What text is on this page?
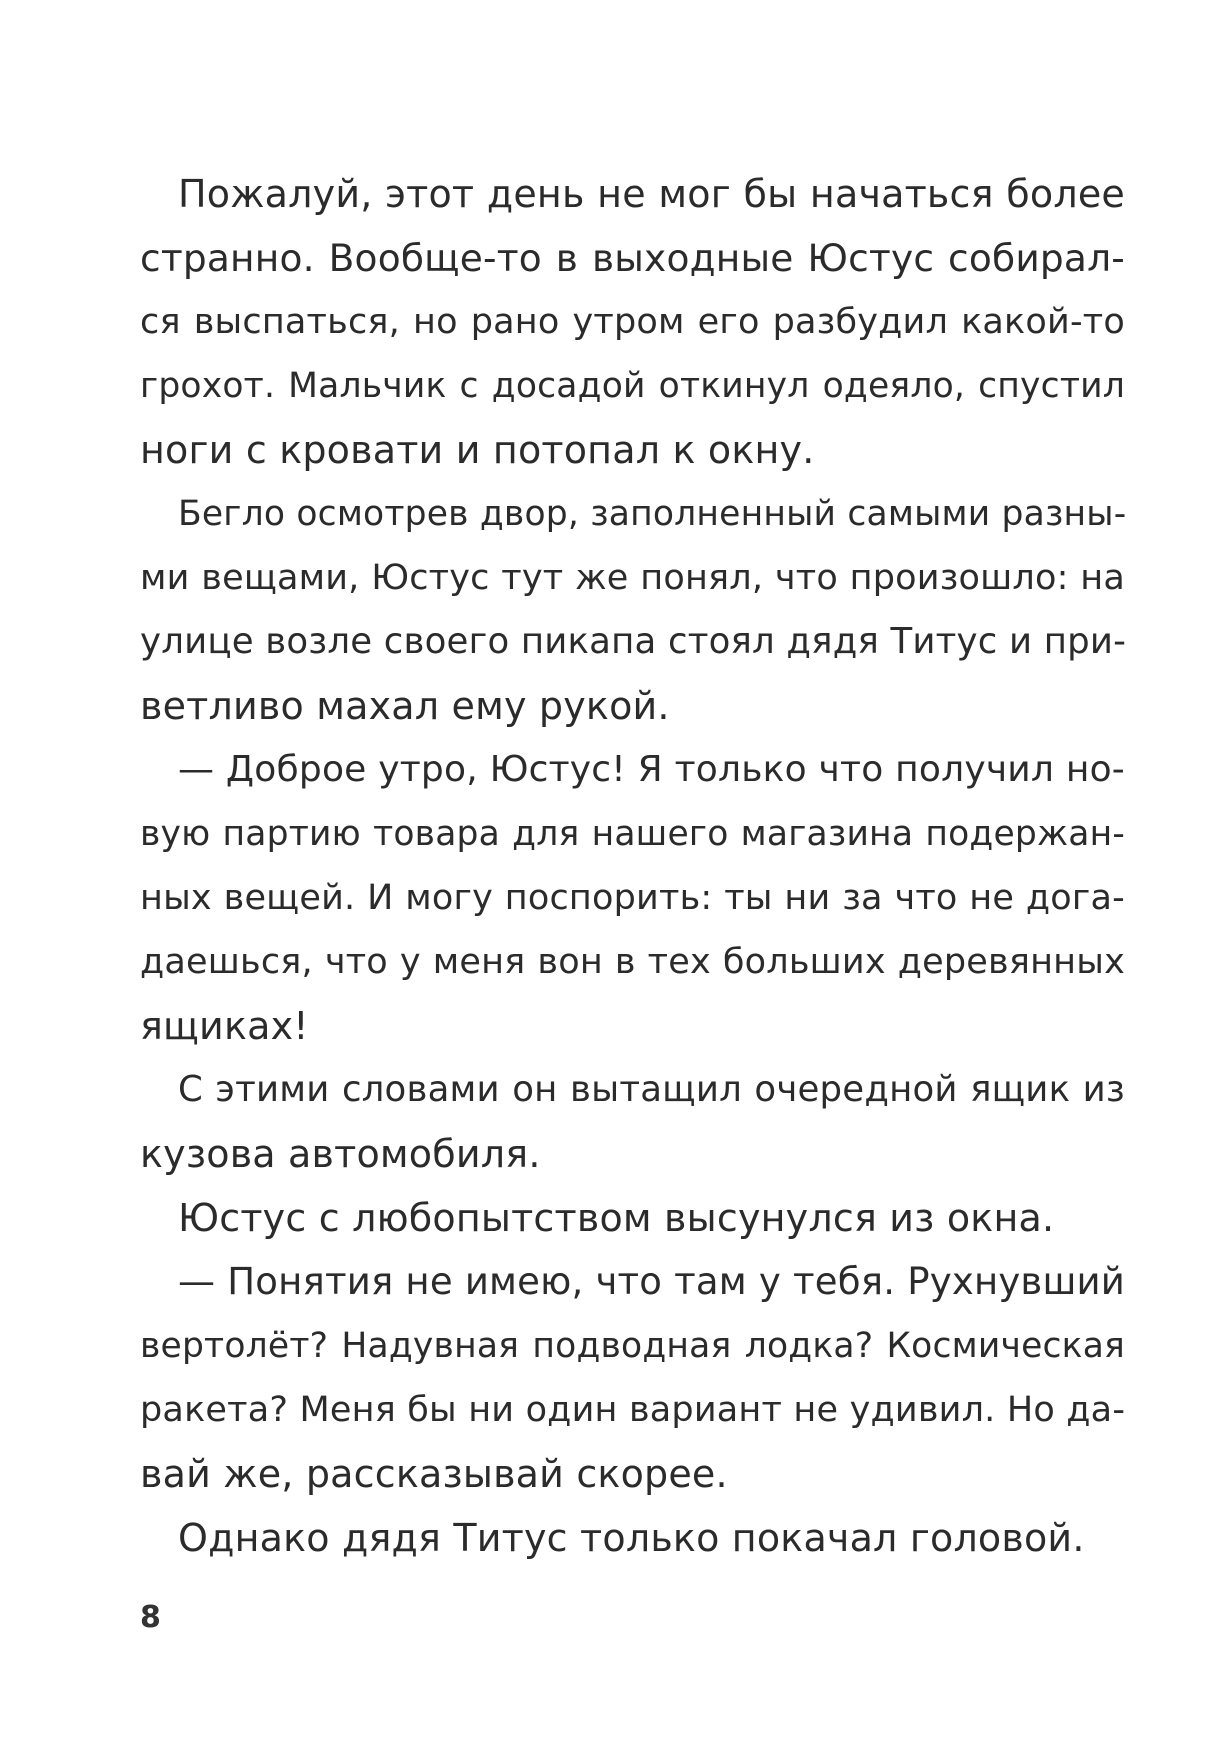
Пожалуй, этот день не мог бы начаться более
странно. Вообще-то в выходные Юстус собирал-
ся выспаться, но рано утром его разбудил какой-то
грохот. Мальчик с досадой откинул одеяло, спустил
ноги с кровати и потопал к окну.
Бегло осмотрев двор, заполненный самыми разны-
ми вещами, Юстус тут же понял, что произошло: на
улице возле своего пикапа стоял дядя Титус и при-
ветливо махал ему рукой.
— Доброе утро, Юстус! Я только что получил но-
вую партию товара для нашего магазина подержан-
ных вещей. И могу поспорить: ты ни за что не дога-
даешься, что у меня вон в тех больших деревянных
ящиках!
С этими словами он вытащил очередной ящик из
кузова автомобиля.
Юстус с любопытством высунулся из окна.
— Понятия не имею, что там у тебя. Рухнувший
вертолёт? Надувная подводная лодка? Космическая
ракета? Меня бы ни один вариант не удивил. Но да-
вай же, рассказывай скорее.
Однако дядя Титус только покачал головой.
8
